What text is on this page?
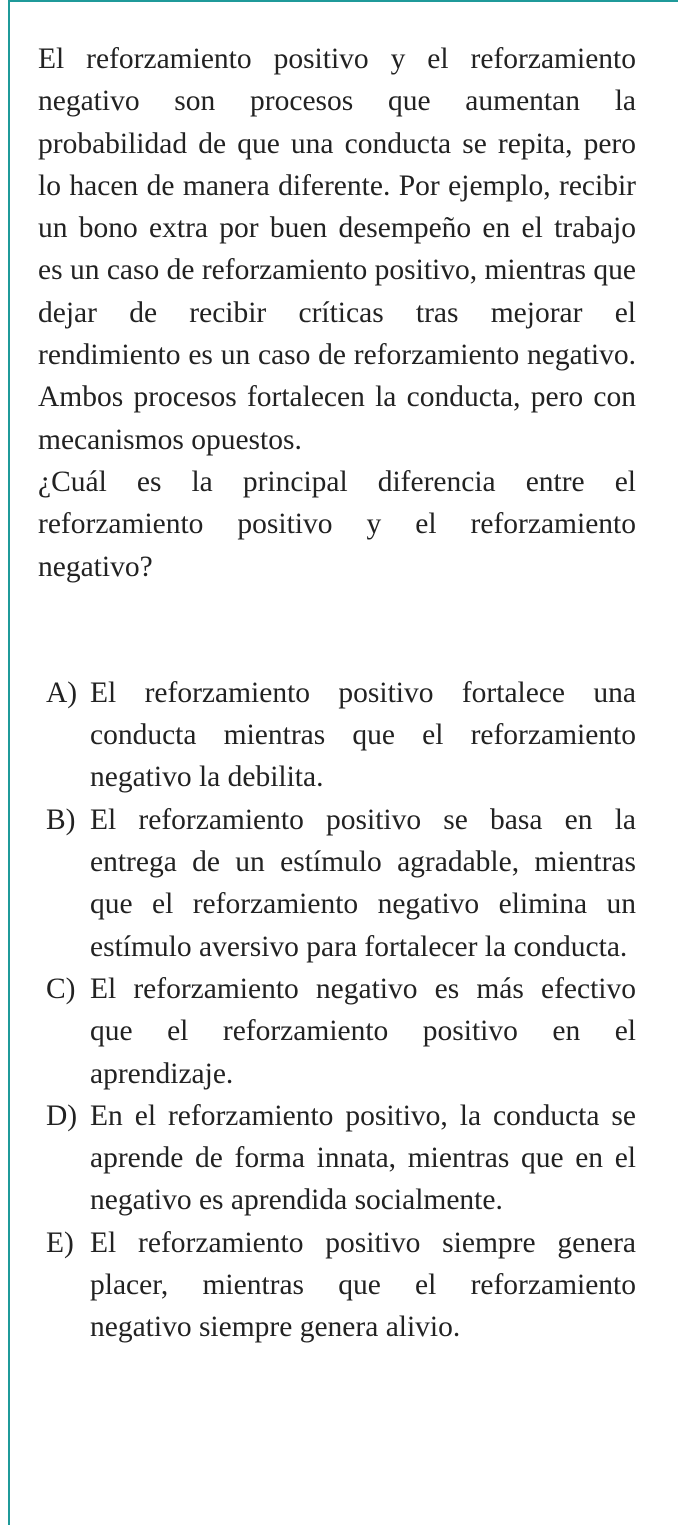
El reforzamiento positivo y el reforzamiento negativo son procesos que aumentan la probabilidad de que una conducta se repita, pero lo hacen de manera diferente. Por ejemplo, recibir un bono extra por buen desempeño en el trabajo es un caso de reforzamiento positivo, mientras que dejar de recibir críticas tras mejorar el rendimiento es un caso de reforzamiento negativo. Ambos procesos fortalecen la conducta, pero con mecanismos opuestos.

¿Cuál es la principal diferencia entre el reforzamiento positivo y el reforzamiento negativo?

A) El reforzamiento positivo fortalece una conducta mientras que el reforzamiento negativo la debilita.
B) El reforzamiento positivo se basa en la entrega de un estímulo agradable, mientras que el reforzamiento negativo elimina un estímulo aversivo para fortalecer la conducta.
C) El reforzamiento negativo es más efectivo que el reforzamiento positivo en el aprendizaje.
D) En el reforzamiento positivo, la conducta se aprende de forma innata, mientras que en el negativo es aprendida socialmente.
E) El reforzamiento positivo siempre genera placer, mientras que el reforzamiento negativo siempre genera alivio.
